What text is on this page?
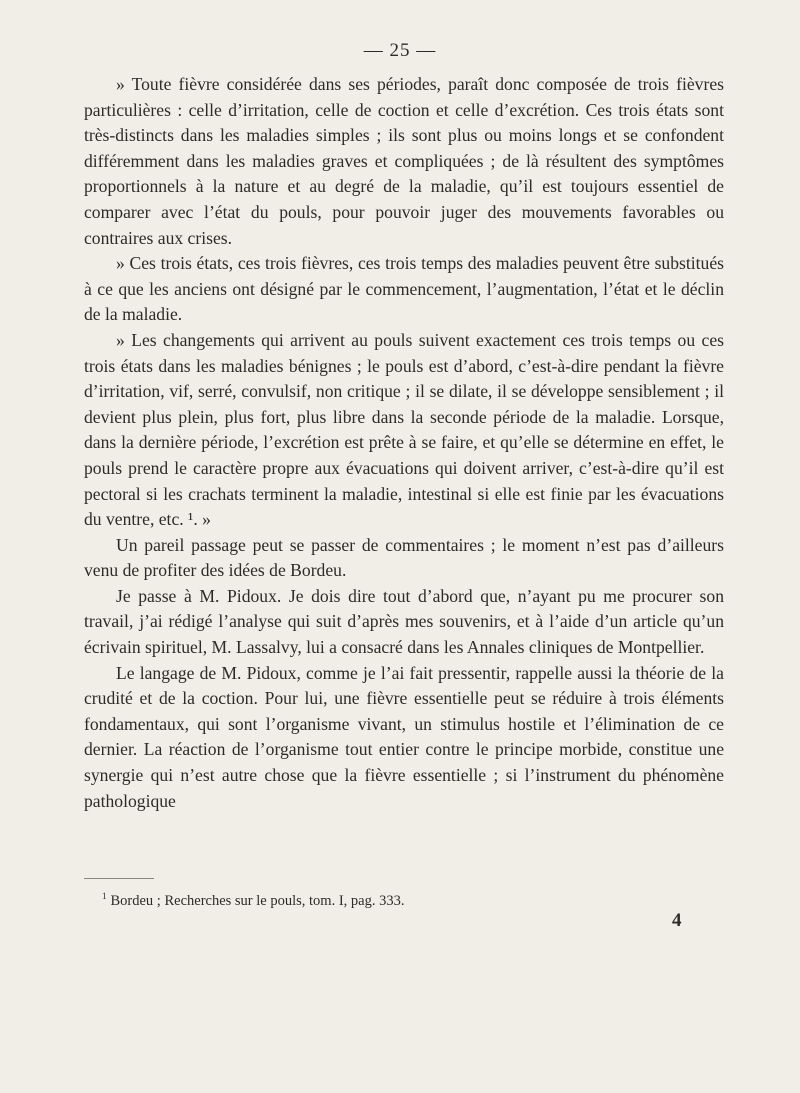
— 25 —

» Toute fièvre considérée dans ses périodes, paraît donc composée de trois fièvres particulières : celle d’irritation, celle de coction et celle d’excrétion. Ces trois états sont très-distincts dans les maladies simples ; ils sont plus ou moins longs et se confondent différemment dans les maladies graves et compliquées ; de là résultent des symptômes proportionnels à la nature et au degré de la maladie, qu’il est toujours essentiel de comparer avec l’état du pouls, pour pouvoir juger des mouvements favorables ou contraires aux crises.

» Ces trois états, ces trois fièvres, ces trois temps des maladies peuvent être substitués à ce que les anciens ont désigné par le commencement, l’augmentation, l’état et le déclin de la maladie.

» Les changements qui arrivent au pouls suivent exactement ces trois temps ou ces trois états dans les maladies bénignes ; le pouls est d’abord, c’est-à-dire pendant la fièvre d’irritation, vif, serré, convulsif, non critique ; il se dilate, il se développe sensiblement ; il devient plus plein, plus fort, plus libre dans la seconde période de la maladie. Lorsque, dans la dernière période, l’excrétion est prête à se faire, et qu’elle se détermine en effet, le pouls prend le caractère propre aux évacuations qui doivent arriver, c’est-à-dire qu’il est pectoral si les crachats terminent la maladie, intestinal si elle est finie par les évacuations du ventre, etc. ¹. »

Un pareil passage peut se passer de commentaires ; le moment n’est pas d’ailleurs venu de profiter des idées de Bordeu.

Je passe à M. Pidoux. Je dois dire tout d’abord que, n’ayant pu me procurer son travail, j’ai rédigé l’analyse qui suit d’après mes souvenirs, et à l’aide d’un article qu’un écrivain spirituel, M. Lassalvy, lui a consacré dans les Annales cliniques de Montpellier.

Le langage de M. Pidoux, comme je l’ai fait pressentir, rappelle aussi la théorie de la crudité et de la coction. Pour lui, une fièvre essentielle peut se réduire à trois éléments fondamentaux, qui sont l’organisme vivant, un stimulus hostile et l’élimination de ce dernier. La réaction de l’organisme tout entier contre le principe morbide, constitue une synergie qui n’est autre chose que la fièvre essentielle ; si l’instrument du phénomène pathologique

$^1$ Bordeu ; Recherches sur le pouls, tom. I, pag. 333.
4
